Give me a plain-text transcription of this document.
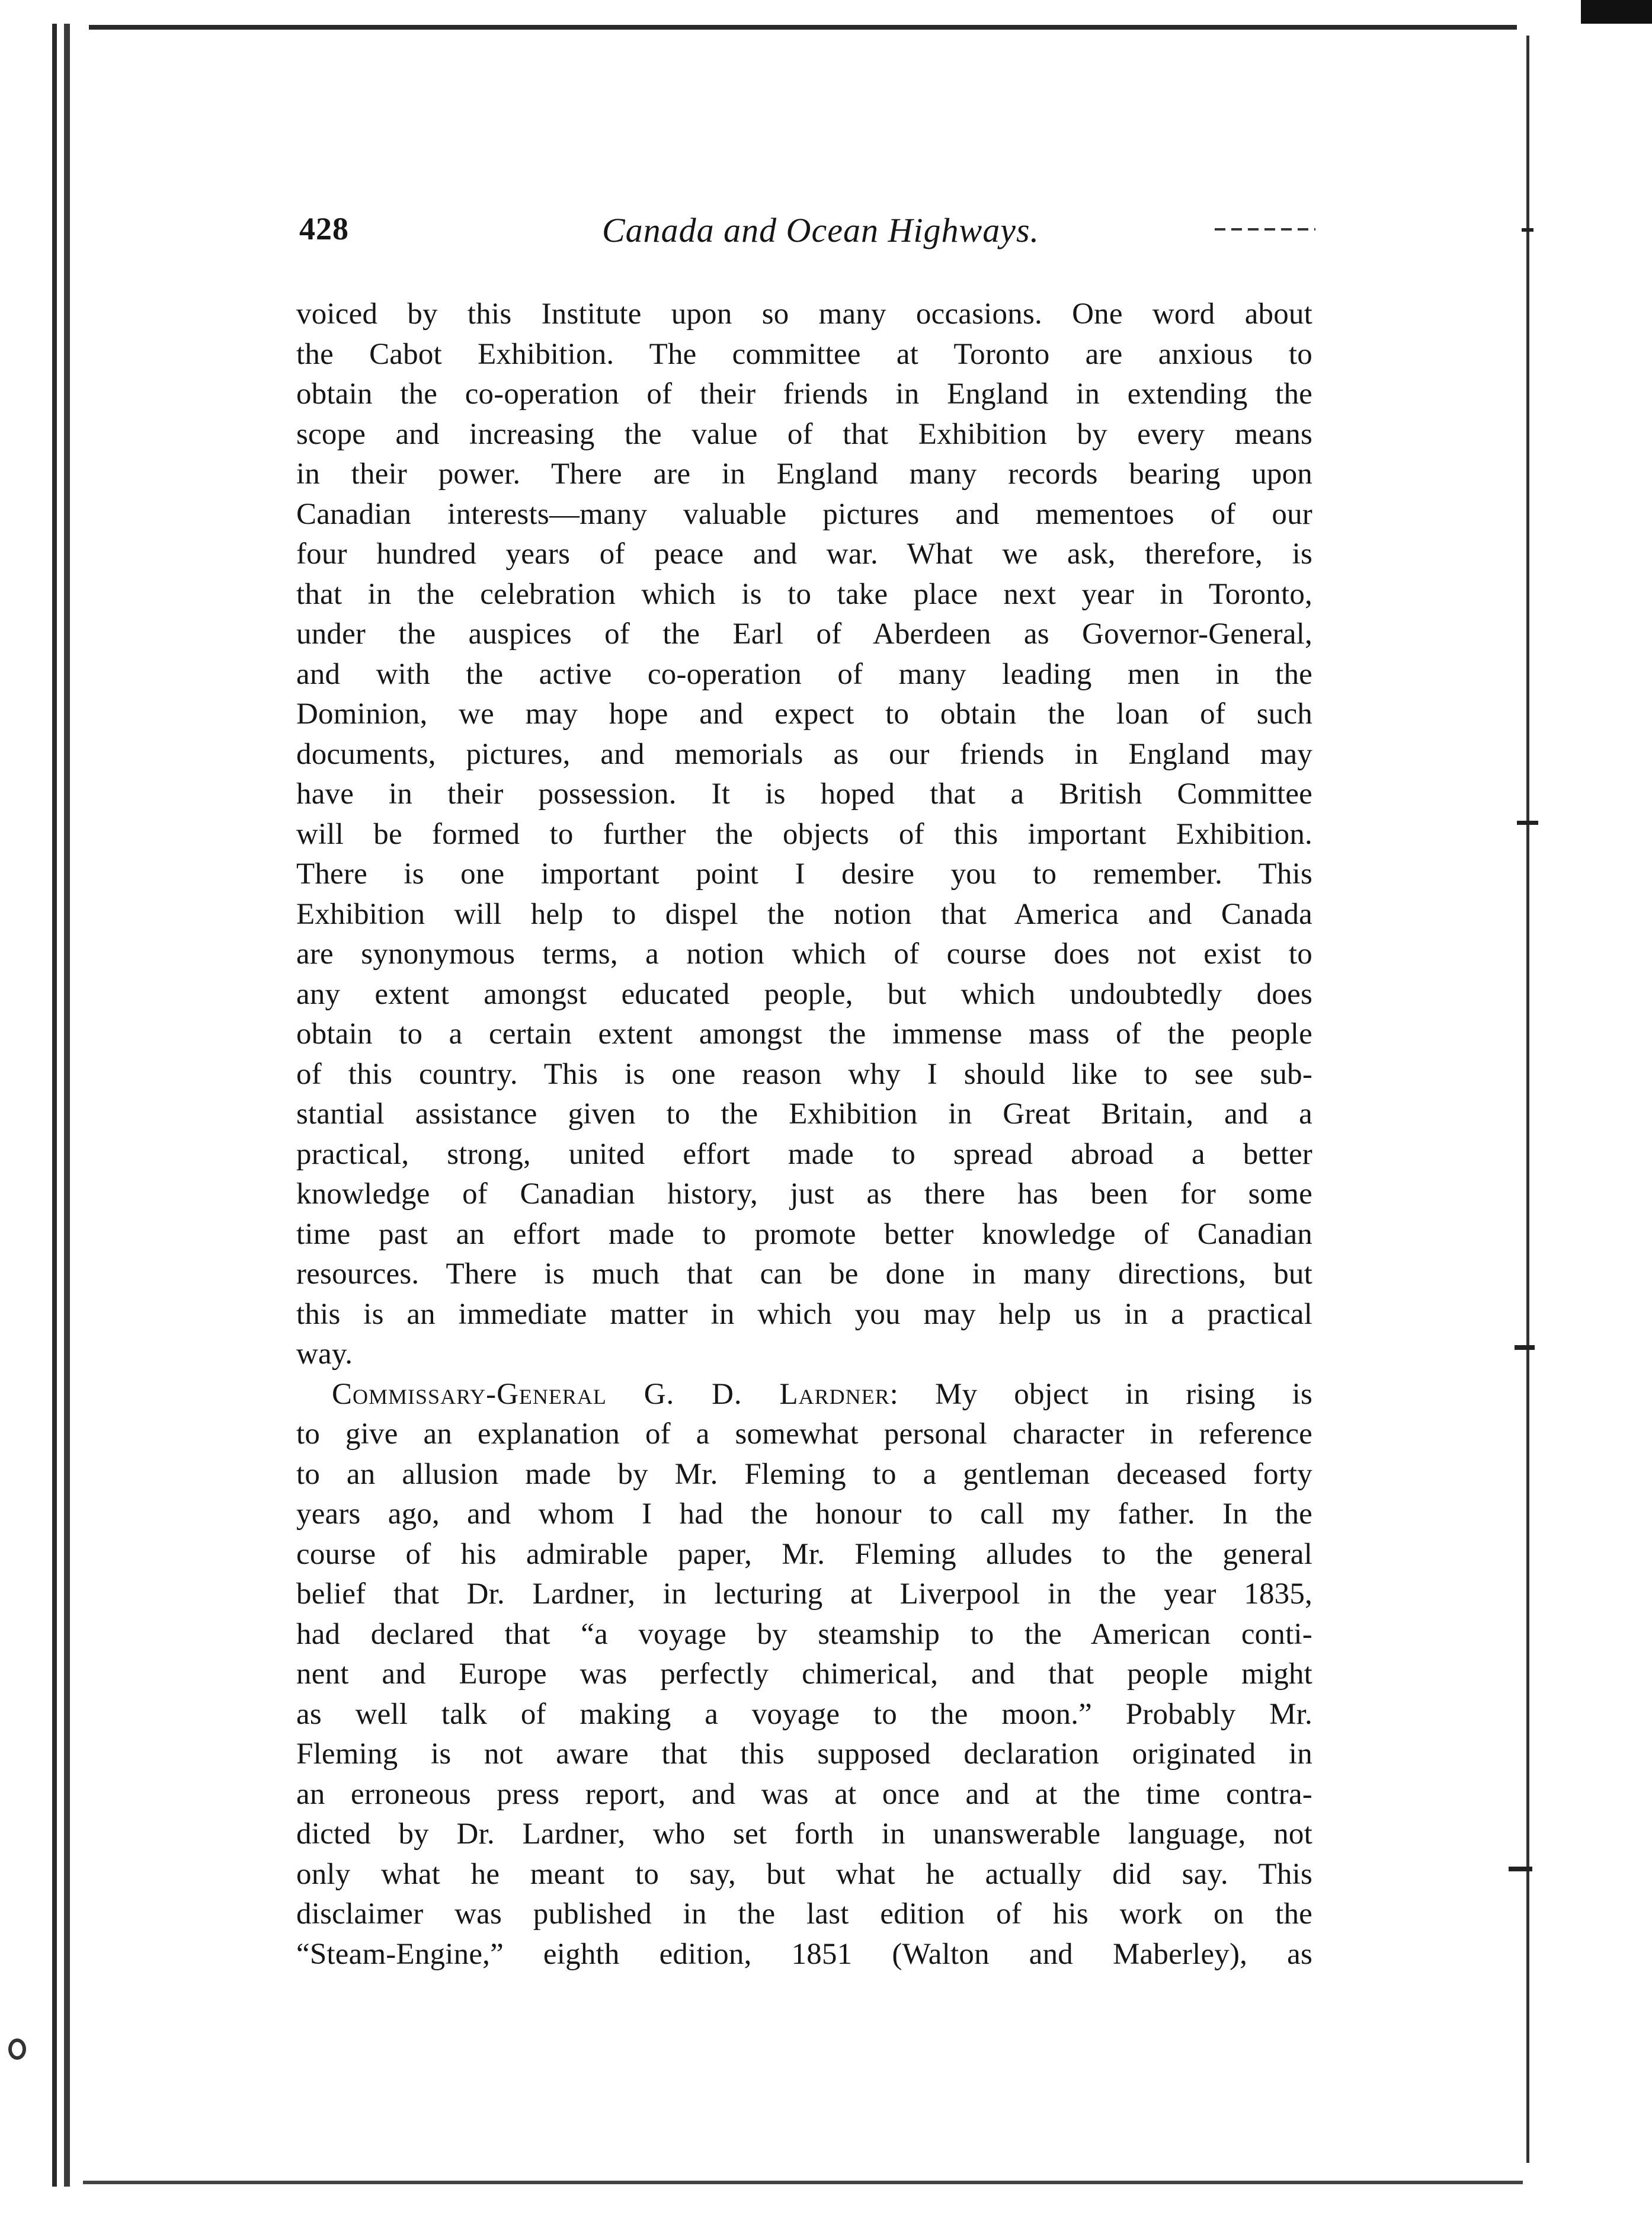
428	Canada and Ocean Highways.
voiced by this Institute upon so many occasions. One word about
the Cabot Exhibition. The committee at Toronto are anxious to
obtain the co-operation of their friends in England in extending the
scope and increasing the value of that Exhibition by every means
in their power. There are in England many records bearing upon
Canadian interests—many valuable pictures and mementoes of our
four hundred years of peace and war. What we ask, therefore, is
that in the celebration which is to take place next year in Toronto,
under the auspices of the Earl of Aberdeen as Governor-General,
and with the active co-operation of many leading men in the
Dominion, we may hope and expect to obtain the loan of such
documents, pictures, and memorials as our friends in England may
have in their possession. It is hoped that a British Committee
will be formed to further the objects of this important Exhibition.
There is one important point I desire you to remember. This
Exhibition will help to dispel the notion that America and Canada
are synonymous terms, a notion which of course does not exist to
any extent amongst educated people, but which undoubtedly does
obtain to a certain extent amongst the immense mass of the people
of this country. This is one reason why I should like to see sub-
stantial assistance given to the Exhibition in Great Britain, and a
practical, strong, united effort made to spread abroad a better
knowledge of Canadian history, just as there has been for some
time past an effort made to promote better knowledge of Canadian
resources. There is much that can be done in many directions, but
this is an immediate matter in which you may help us in a practical
way.
Commissary-General G. D. Lardner: My object in rising is
to give an explanation of a somewhat personal character in reference
to an allusion made by Mr. Fleming to a gentleman deceased forty
years ago, and whom I had the honour to call my father. In the
course of his admirable paper, Mr. Fleming alludes to the general
belief that Dr. Lardner, in lecturing at Liverpool in the year 1835,
had declared that “a voyage by steamship to the American conti-
nent and Europe was perfectly chimerical, and that people might
as well talk of making a voyage to the moon.” Probably Mr.
Fleming is not aware that this supposed declaration originated in
an erroneous press report, and was at once and at the time contra-
dicted by Dr. Lardner, who set forth in unanswerable language, not
only what he meant to say, but what he actually did say. This
disclaimer was published in the last edition of his work on the
“Steam-Engine,” eighth edition, 1851 (Walton and Maberley), as
